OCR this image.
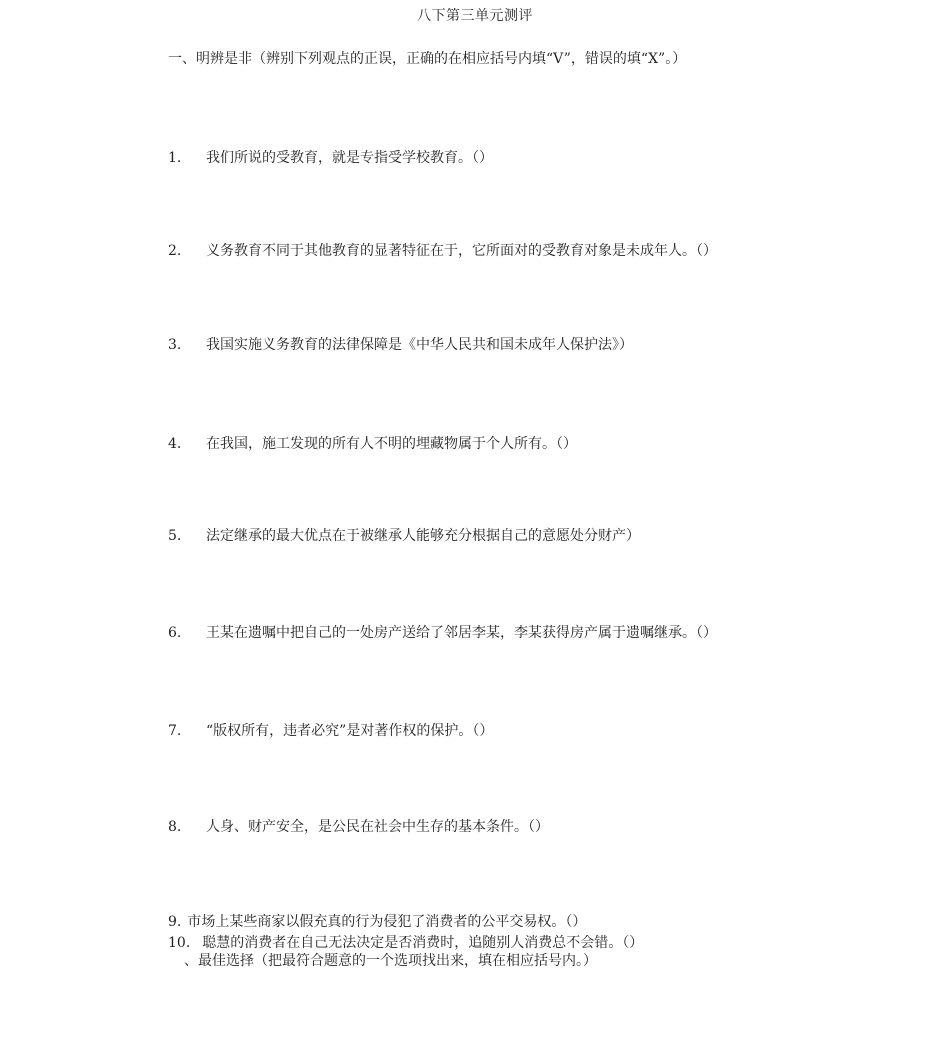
八下第三单元测评
一、明辨是非（辨别下列观点的正误，正确的在相应括号内填“V”，错误的填“X”。）
1. 我们所说的受教育，就是专指受学校教育。（）
2. 义务教育不同于其他教育的显著特征在于，它所面对的受教育对象是未成年人。（）
3. 我国实施义务教育的法律保障是《中华人民共和国未成年人保护法》）
4. 在我国，施工发现的所有人不明的埋藏物属于个人所有。（）
5. 法定继承的最大优点在于被继承人能够充分根据自己的意愿处分财产）
6. 王某在遗嘱中把自己的一处房产送给了邻居李某，李某获得房产属于遗嘱继承。（）
7. “版权所有，违者必究”是对著作权的保护。（）
8. 人身、财产安全，是公民在社会中生存的基本条件。（）
9. 市场上某些商家以假充真的行为侵犯了消费者的公平交易权。（）
10. 聪慧的消费者在自己无法决定是否消费时，追随别人消费总不会错。（）
、最佳选择（把最符合题意的一个选项找出来，填在相应括号内。）
